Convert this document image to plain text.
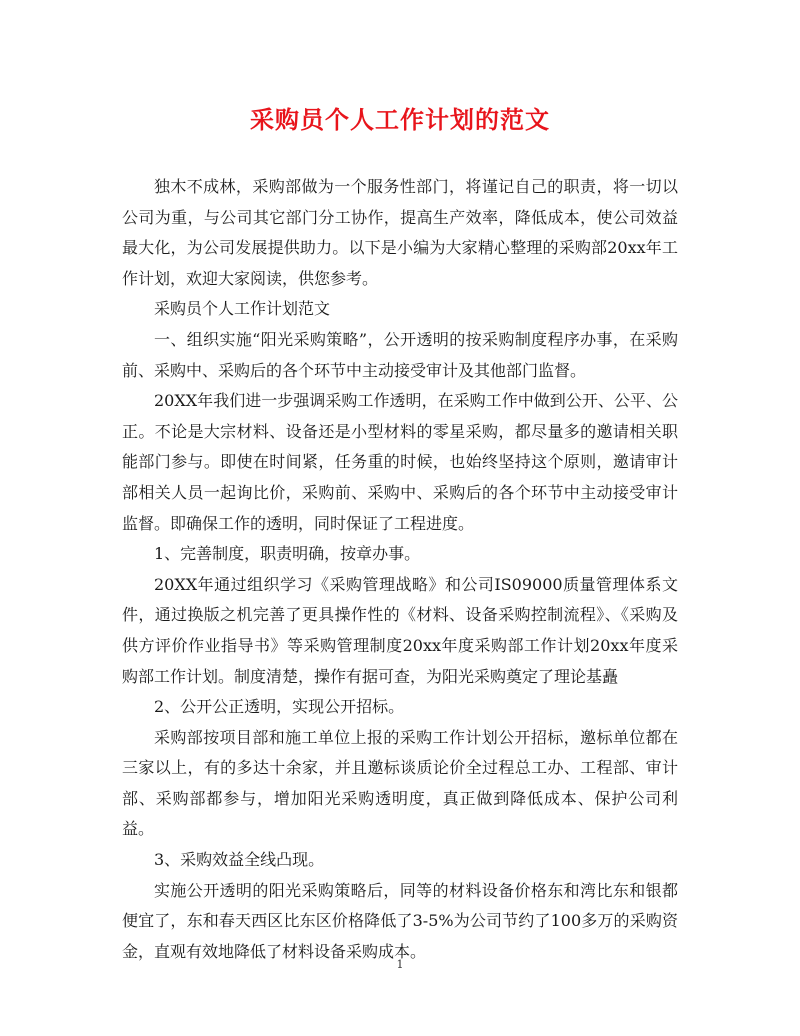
采购员个人工作计划的范文

独木不成林，采购部做为一个服务性部门，将谨记自己的职责，将一切以公司为重，与公司其它部门分工协作，提高生产效率，降低成本，使公司效益最大化，为公司发展提供助力。以下是小编为大家精心整理的采购部20xx年工作计划，欢迎大家阅读，供您参考。

采购员个人工作计划范文

一、组织实施“阳光采购策略”，公开透明的按采购制度程序办事，在采购前、采购中、采购后的各个环节中主动接受审计及其他部门监督。

20XX年我们进一步强调采购工作透明，在采购工作中做到公开、公平、公正。不论是大宗材料、设备还是小型材料的零星采购，都尽量多的邀请相关职能部门参与。即使在时间紧，任务重的时候，也始终坚持这个原则，邀请审计部相关人员一起询比价，采购前、采购中、采购后的各个环节中主动接受审计监督。即确保工作的透明，同时保证了工程进度。

1、完善制度，职责明确，按章办事。

20XX年通过组织学习《采购管理战略》和公司IS09000质量管理体系文件，通过换版之机完善了更具操作性的《材料、设备采购控制流程》、《采购及供方评价作业指导书》等采购管理制度20xx年度采购部工作计划20xx年度采购部工作计划。制度清楚，操作有据可查，为阳光采购奠定了理论基矗

2、公开公正透明，实现公开招标。

采购部按项目部和施工单位上报的采购工作计划公开招标，邀标单位都在三家以上，有的多达十余家，并且邀标谈质论价全过程总工办、工程部、审计部、采购部都参与，增加阳光采购透明度，真正做到降低成本、保护公司利益。

3、采购效益全线凸现。

实施公开透明的阳光采购策略后，同等的材料设备价格东和湾比东和银都便宜了，东和春天西区比东区价格降低了3-5%为公司节约了100多万的采购资金，直观有效地降低了材料设备采购成本。

1
